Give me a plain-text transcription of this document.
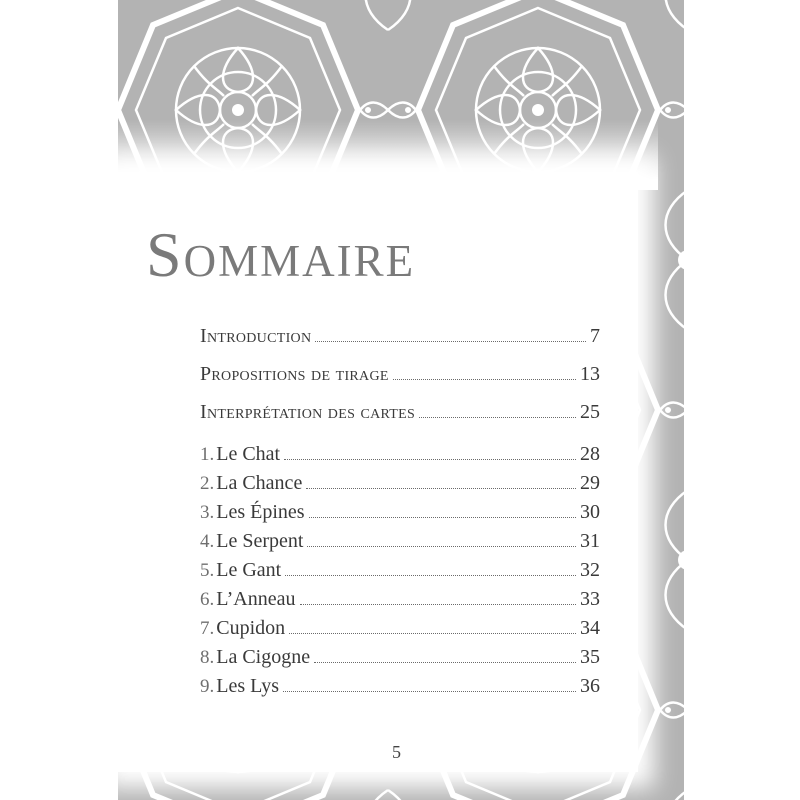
Sommaire
Introduction	7
Propositions de tirage	13
Interprétation des cartes	25
1. Le Chat	28
2. La Chance	29
3. Les Épines	30
4. Le Serpent	31
5. Le Gant	32
6. L’Anneau	33
7. Cupidon	34
8. La Cigogne	35
9. Les Lys	36
5
